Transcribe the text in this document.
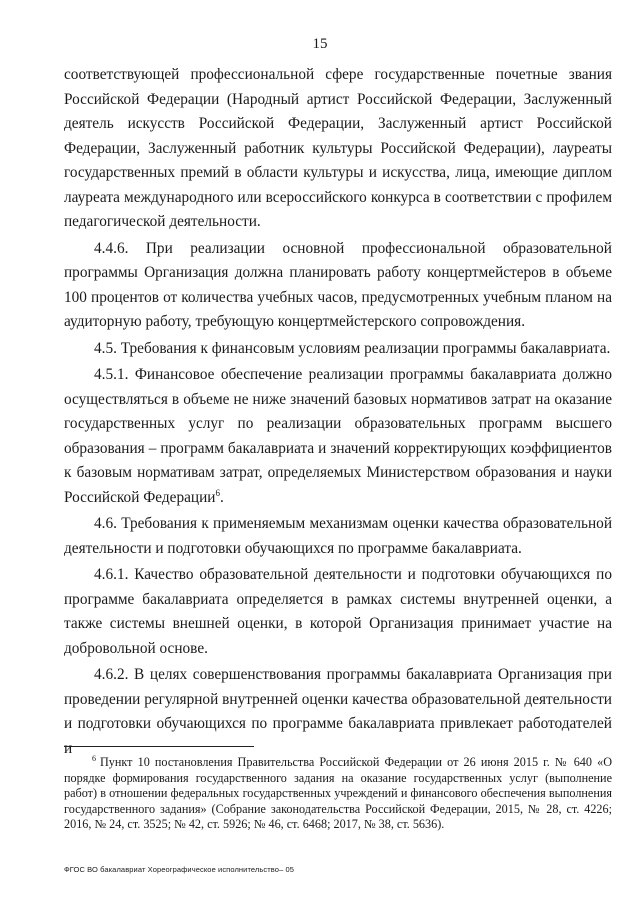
15

соответствующей профессиональной сфере государственные почетные звания Российской Федерации (Народный артист Российской Федерации, Заслуженный деятель искусств Российской Федерации, Заслуженный артист Российской Федерации, Заслуженный работник культуры Российской Федерации), лауреаты государственных премий в области культуры и искусства, лица, имеющие диплом лауреата международного или всероссийского конкурса в соответствии с профилем педагогической деятельности.

4.4.6. При реализации основной профессиональной образовательной программы Организация должна планировать работу концертмейстеров в объеме 100 процентов от количества учебных часов, предусмотренных учебным планом на аудиторную работу, требующую концертмейстерского сопровождения.

4.5. Требования к финансовым условиям реализации программы бакалавриата.

4.5.1. Финансовое обеспечение реализации программы бакалавриата должно осуществляться в объеме не ниже значений базовых нормативов затрат на оказание государственных услуг по реализации образовательных программ высшего образования – программ бакалавриата и значений корректирующих коэффициентов к базовым нормативам затрат, определяемых Министерством образования и науки Российской Федерации$^6$.

4.6. Требования к применяемым механизмам оценки качества образовательной деятельности и подготовки обучающихся по программе бакалавриата.

4.6.1. Качество образовательной деятельности и подготовки обучающихся по программе бакалавриата определяется в рамках системы внутренней оценки, а также системы внешней оценки, в которой Организация принимает участие на добровольной основе.

4.6.2. В целях совершенствования программы бакалавриата Организация при проведении регулярной внутренней оценки качества образовательной деятельности и подготовки обучающихся по программе бакалавриата привлекает работодателей и

$^6$ Пункт 10 постановления Правительства Российской Федерации от 26 июня 2015 г. № 640 «О порядке формирования государственного задания на оказание государственных услуг (выполнение работ) в отношении федеральных государственных учреждений и финансового обеспечения выполнения государственного задания» (Собрание законодательства Российской Федерации, 2015, № 28, ст. 4226; 2016, № 24, ст. 3525; № 42, ст. 5926; № 46, ст. 6468; 2017, № 38, ст. 5636).
ФГОС ВО бакалавриат Хореографическое исполнительство– 05
